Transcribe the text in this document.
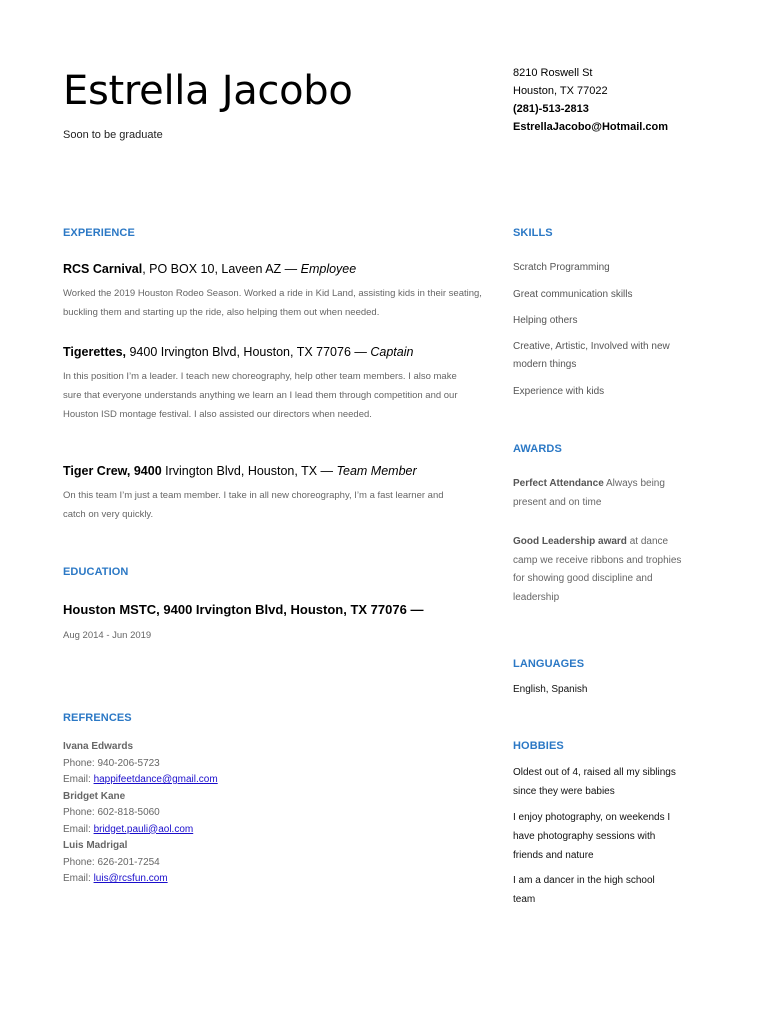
Estrella Jacobo
Soon to be graduate
8210 Roswell St
Houston, TX 77022
(281)-513-2813
EstrellaJacobo@Hotmail.com
EXPERIENCE
RCS Carnival, PO BOX 10, Laveen AZ — Employee
Worked the 2019 Houston Rodeo Season. Worked a ride in Kid Land, assisting kids in their seating, buckling them and starting up the ride, also helping them out when needed.
Tigerettes, 9400 Irvington Blvd, Houston, TX 77076 — Captain
In this position I’m a leader. I teach new choreography, help other team members. I also make sure that everyone understands anything we learn an I lead them through competition and our Houston ISD montage festival. I also assisted our directors when needed.
Tiger Crew, 9400 Irvington Blvd, Houston, TX — Team Member
On this team I’m just a team member. I take in all new choreography, I’m a fast learner and catch on very quickly.
EDUCATION
Houston MSTC, 9400 Irvington Blvd, Houston, TX 77076 —
Aug 2014 - Jun 2019
REFRENCES
Ivana Edwards
Phone: 940-206-5723
Email: happifeetdance@gmail.com
Bridget Kane
Phone: 602-818-5060
Email: bridget.pauli@aol.com
Luis Madrigal
Phone: 626-201-7254
Email: luis@rcsfun.com
SKILLS
Scratch Programming
Great communication skills
Helping others
Creative, Artistic, Involved with new modern things
Experience with kids
AWARDS
Perfect Attendance Always being present and on time
Good Leadership award at dance camp we receive ribbons and trophies for showing good discipline and leadership
LANGUAGES
English, Spanish
HOBBIES
Oldest out of 4, raised all my siblings since they were babies
I enjoy photography, on weekends I have photography sessions with friends and nature
I am a dancer in the high school team
